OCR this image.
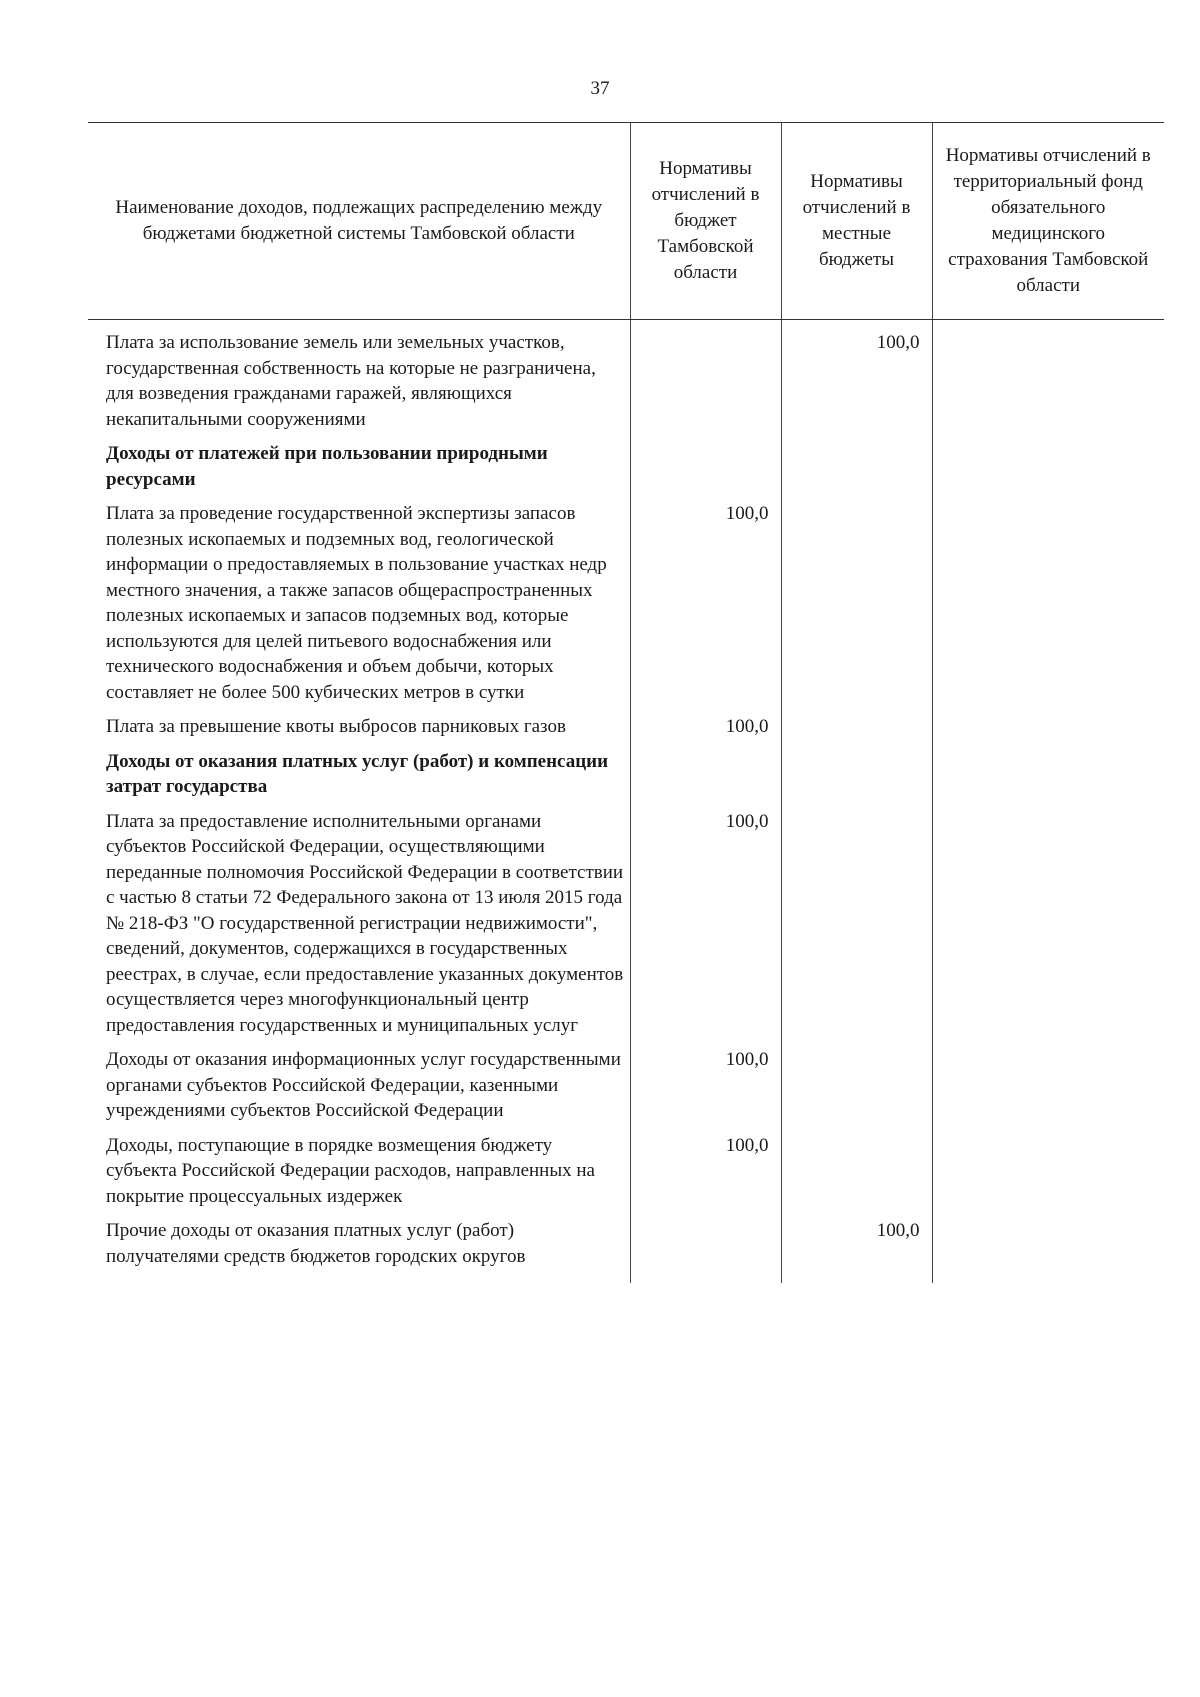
37
Наименование доходов, подлежащих распределению между бюджетами бюджетной системы Тамбовской области	Нормативы отчислений в бюджет Тамбовской области	Нормативы отчислений в местные бюджеты	Нормативы отчислений в территориальный фонд обязательного медицинского страхования Тамбовской области
Плата за использование земель или земельных участков, государственная собственность на которые не разграничена, для возведения гражданами гаражей, являющихся некапитальными сооружениями		100,0	
Доходы от платежей при пользовании природными ресурсами			
Плата за проведение государственной экспертизы запасов полезных ископаемых и подземных вод, геологической информации о предоставляемых в пользование участках недр местного значения, а также запасов общераспространенных полезных ископаемых и запасов подземных вод, которые используются для целей питьевого водоснабжения или технического водоснабжения и объем добычи, которых составляет не более 500 кубических метров в сутки	100,0		
Плата за превышение квоты выбросов парниковых газов	100,0		
Доходы от оказания платных услуг (работ) и компенсации затрат государства			
Плата за предоставление исполнительными органами субъектов Российской Федерации, осуществляющими переданные полномочия Российской Федерации в соответствии с частью 8 статьи 72 Федерального закона от 13 июля 2015 года № 218-ФЗ "О государственной регистрации недвижимости", сведений, документов, содержащихся в государственных реестрах, в случае, если предоставление указанных документов осуществляется через многофункциональный центр предоставления государственных и муниципальных услуг	100,0		
Доходы от оказания информационных услуг государственными органами субъектов Российской Федерации, казенными учреждениями субъектов Российской Федерации	100,0		
Доходы, поступающие в порядке возмещения бюджету субъекта Российской Федерации расходов, направленных на покрытие процессуальных издержек	100,0		
Прочие доходы от оказания платных услуг (работ) получателями средств бюджетов городских округов		100,0	
